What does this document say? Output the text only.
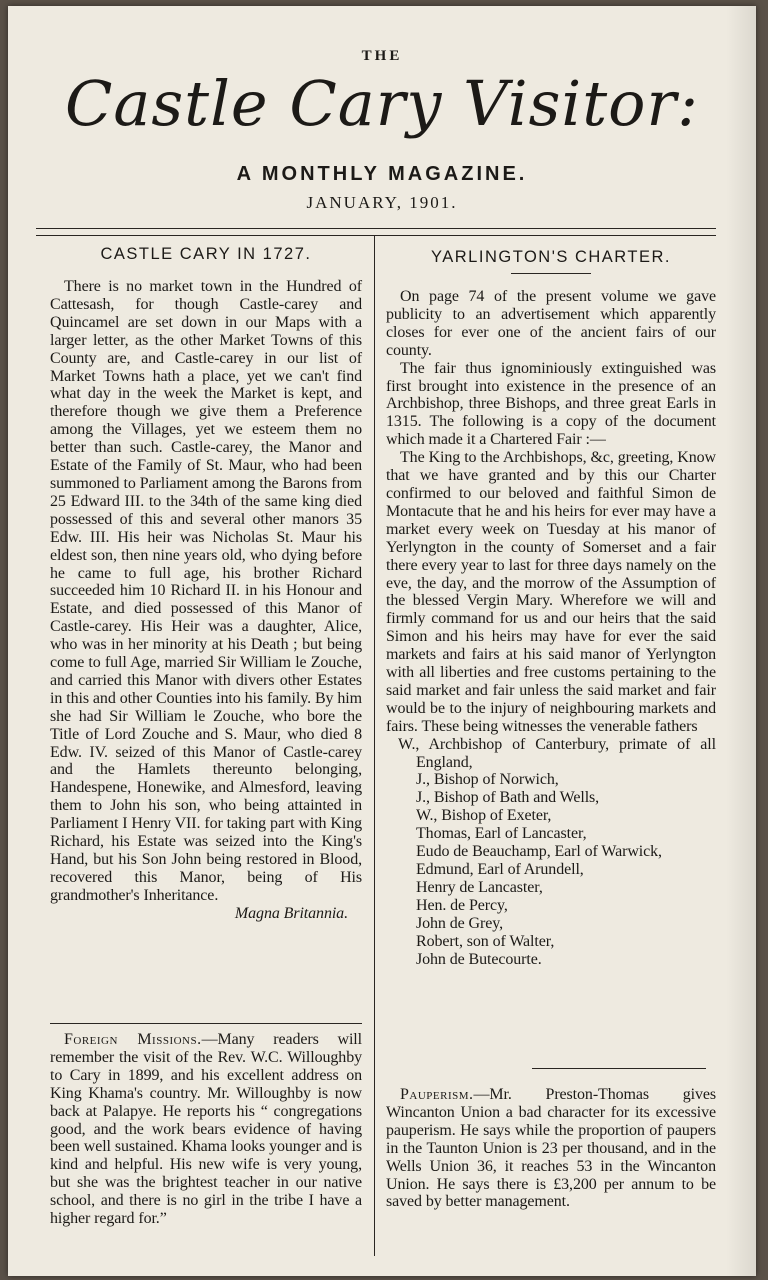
THE
Castle Cary Visitor:
A MONTHLY MAGAZINE.
JANUARY, 1901.
CASTLE CARY IN 1727.

There is no market town in the Hundred of Cattesash, for though Castle-carey and Quincamel are set down in our Maps with a larger letter, as the other Market Towns of this County are, and Castle-carey in our list of Market Towns hath a place, yet we can't find what day in the week the Market is kept, and therefore though we give them a Preference among the Villages, yet we esteem them no better than such. Castle-carey, the Manor and Estate of the Family of St. Maur, who had been summoned to Parliament among the Barons from 25 Edward III. to the 34th of the same king died possessed of this and several other manors 35 Edw. III. His heir was Nicholas St. Maur his eldest son, then nine years old, who dying before he came to full age, his brother Richard succeeded him 10 Richard II. in his Honour and Estate, and died possessed of this Manor of Castle-carey. His Heir was a daughter, Alice, who was in her minority at his Death ; but being come to full Age, married Sir William le Zouche, and carried this Manor with divers other Estates in this and other Counties into his family. By him she had Sir William le Zouche, who bore the Title of Lord Zouche and S. Maur, who died 8 Edw. IV. seized of this Manor of Castle-carey and the Hamlets thereunto belonging, Handespene, Honewike, and Almesford, leaving them to John his son, who being attainted in Parliament I Henry VII. for taking part with King Richard, his Estate was seized into the King's Hand, but his Son John being restored in Blood, recovered this Manor, being of His grandmother's Inheritance.

Magna Britannia.

Foreign Missions.—Many readers will remember the visit of the Rev. W.C. Willoughby to Cary in 1899, and his excellent address on King Khama's country. Mr. Willoughby is now back at Palapye. He reports his “ congregations good, and the work bears evidence of having been well sustained. Khama looks younger and is kind and helpful. His new wife is very young, but she was the brightest teacher in our native school, and there is no girl in the tribe I have a higher regard for.”

YARLINGTON'S CHARTER.

On page 74 of the present volume we gave publicity to an advertisement which apparently closes for ever one of the ancient fairs of our county.

The fair thus ignominiously extinguished was first brought into existence in the presence of an Archbishop, three Bishops, and three great Earls in 1315. The following is a copy of the document which made it a Chartered Fair :—

The King to the Archbishops, &c, greeting, Know that we have granted and by this our Charter confirmed to our beloved and faithful Simon de Montacute that he and his heirs for ever may have a market every week on Tuesday at his manor of Yerlyngton in the county of Somerset and a fair there every year to last for three days namely on the eve, the day, and the morrow of the Assumption of the blessed Vergin Mary. Wherefore we will and firmly command for us and our heirs that the said Simon and his heirs may have for ever the said markets and fairs at his said manor of Yerlyngton with all liberties and free customs pertaining to the said market and fair unless the said market and fair would be to the injury of neighbouring markets and fairs. These being witnesses the venerable fathers

W., Archbishop of Canterbury, primate of all England,
J., Bishop of Norwich,
J., Bishop of Bath and Wells,
W., Bishop of Exeter,
Thomas, Earl of Lancaster,
Eudo de Beauchamp, Earl of Warwick,
Edmund, Earl of Arundell,
Henry de Lancaster,
Hen. de Percy,
John de Grey,
Robert, son of Walter,
John de Butecourte.

Pauperism.—Mr. Preston-Thomas gives Wincanton Union a bad character for its excessive pauperism. He says while the proportion of paupers in the Taunton Union is 23 per thousand, and in the Wells Union 36, it reaches 53 in the Wincanton Union. He says there is £3,200 per annum to be saved by better management.
